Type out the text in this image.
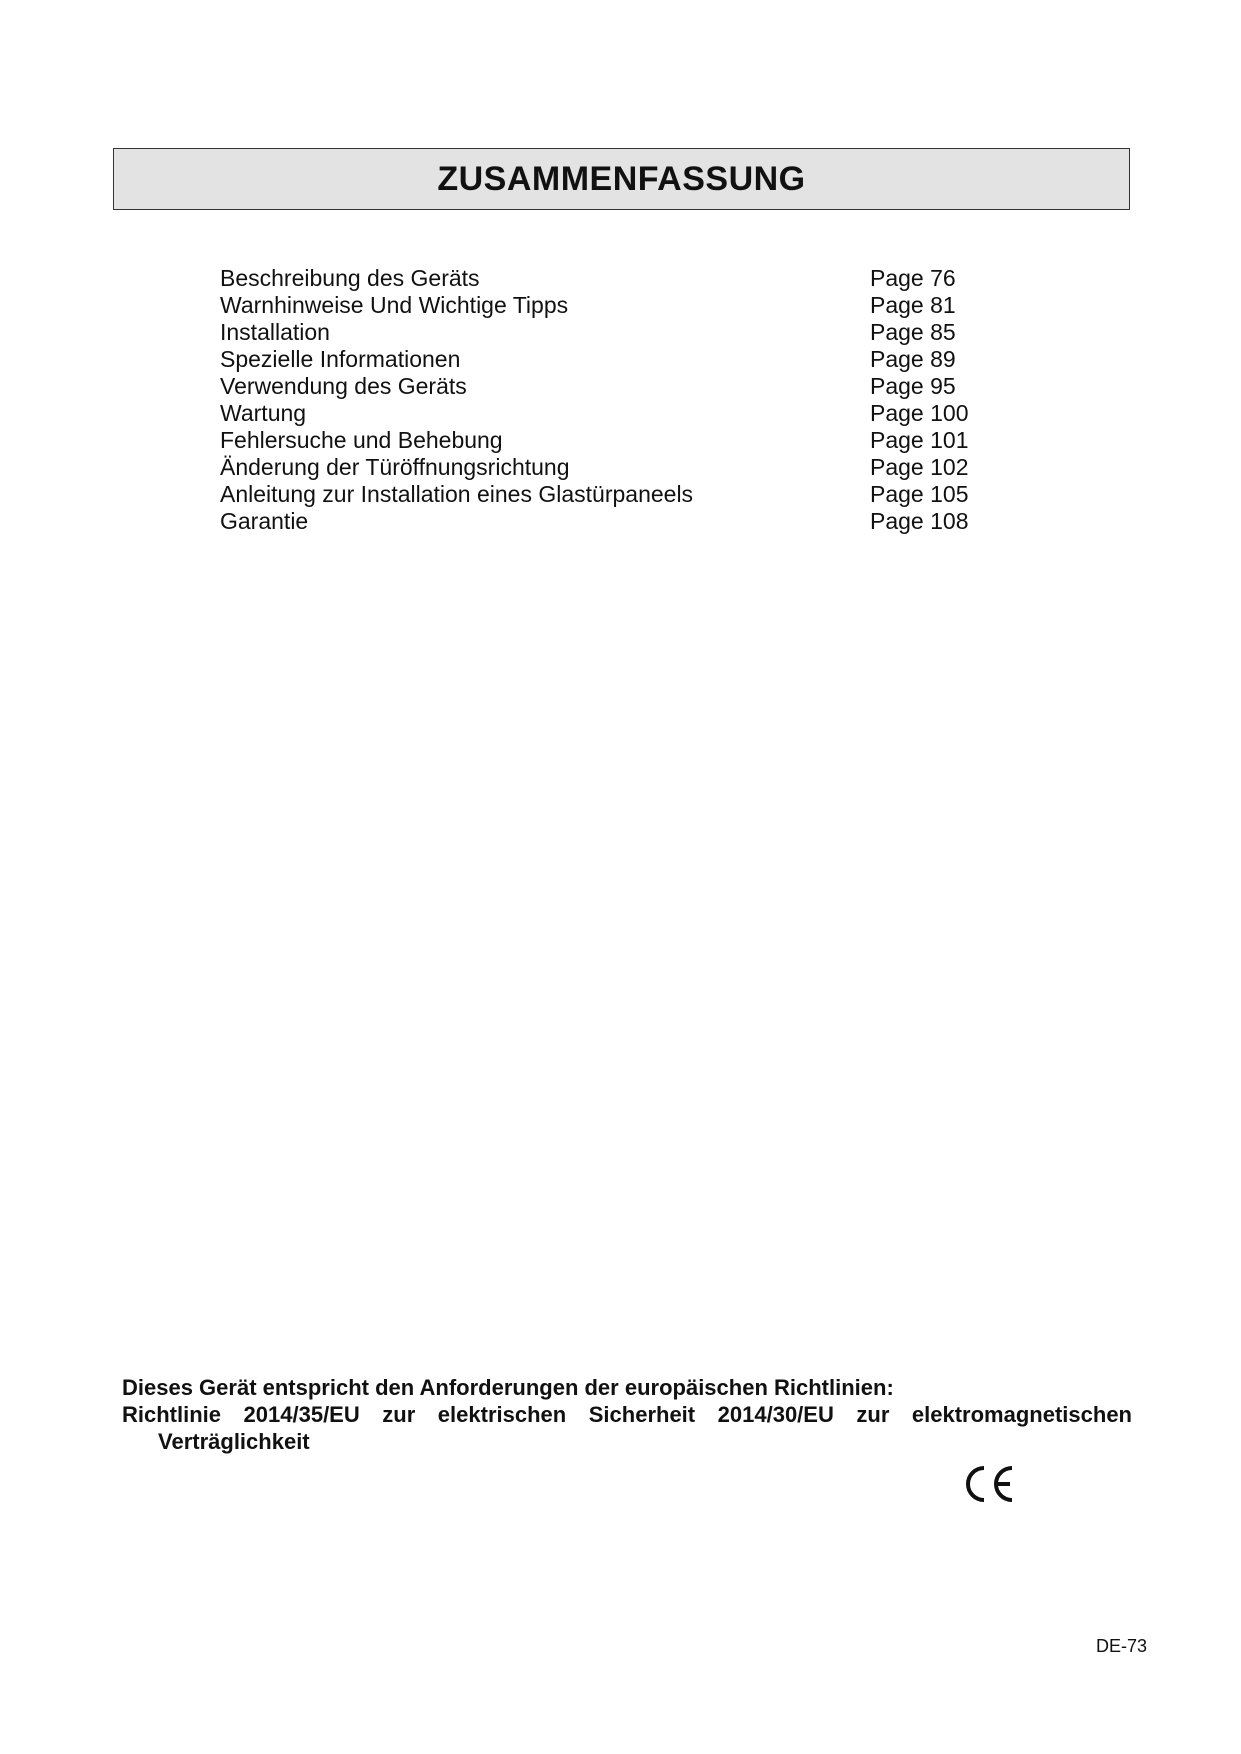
ZUSAMMENFASSUNG
Beschreibung des Geräts	Page 76
Warnhinweise Und Wichtige Tipps	Page 81
Installation	Page 85
Spezielle Informationen	Page 89
Verwendung des Geräts	Page 95
Wartung	Page 100
Fehlersuche und Behebung	Page 101
Änderung der Türöffnungsrichtung	Page 102
Anleitung zur Installation eines Glastürpaneels	Page 105
Garantie	Page 108

Dieses Gerät entspricht den Anforderungen der europäischen Richtlinien:

Richtlinie 2014/35/EU zur elektrischen Sicherheit 2014/30/EU zur elektromagnetischen

Verträglichkeit

DE-73
